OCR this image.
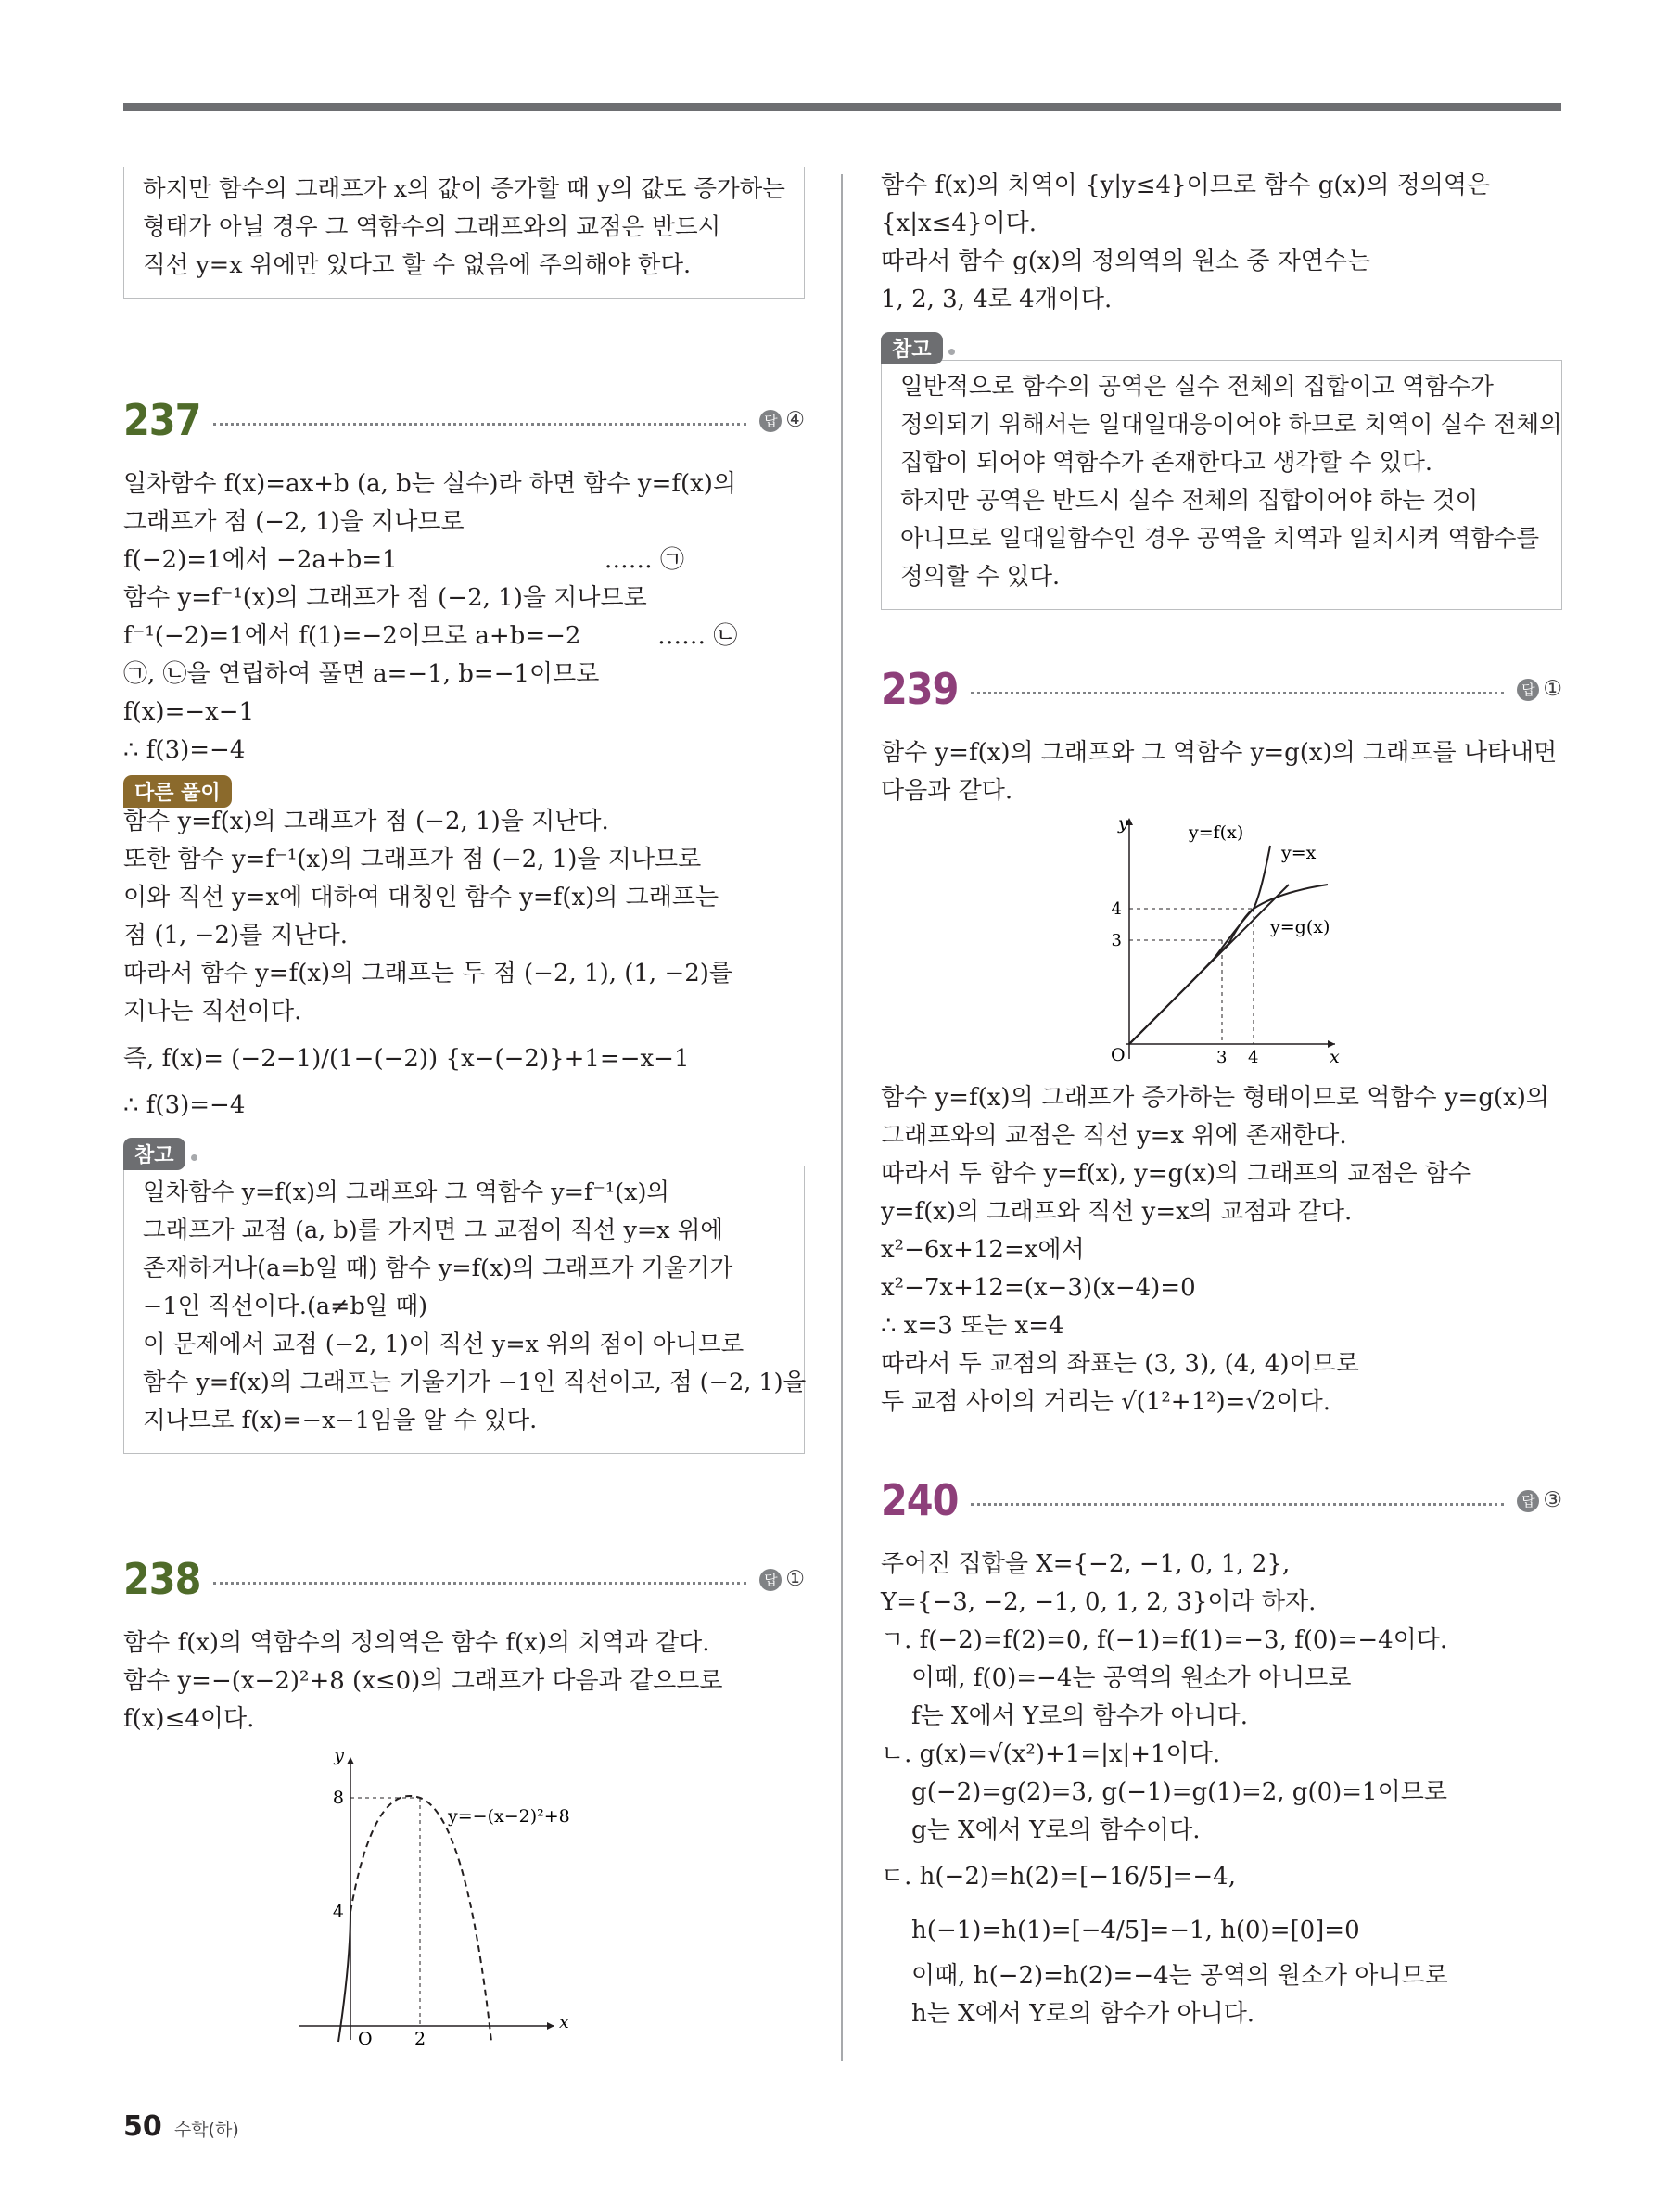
하지만 함수의 그래프가 x의 값이 증가할 때 y의 값도 증가하는
형태가 아닐 경우 그 역함수의 그래프와의 교점은 반드시
직선 y=x 위에만 있다고 할 수 없음에 주의해야 한다.
237	답 ④
일차함수 f(x)=ax+b (a, b는 실수)라 하면 함수 y=f(x)의
그래프가 점 (−2, 1)을 지나므로
f(−2)=1에서 −2a+b=1                           …… ㉠
함수 y=f⁻¹(x)의 그래프가 점 (−2, 1)을 지나므로
f⁻¹(−2)=1에서 f(1)=−2이므로 a+b=−2          …… ㉡
㉠, ㉡을 연립하여 풀면 a=−1, b=−1이므로
f(x)=−x−1
∴ f(3)=−4
다른 풀이
함수 y=f(x)의 그래프가 점 (−2, 1)을 지난다.
또한 함수 y=f⁻¹(x)의 그래프가 점 (−2, 1)을 지나므로
이와 직선 y=x에 대하여 대칭인 함수 y=f(x)의 그래프는
점 (1, −2)를 지난다.
따라서 함수 y=f(x)의 그래프는 두 점 (−2, 1), (1, −2)를
지나는 직선이다.
즉, f(x)= (−2−1)/(1−(−2)) {x−(−2)}+1=−x−1
∴ f(3)=−4
참고
일차함수 y=f(x)의 그래프와 그 역함수 y=f⁻¹(x)의
그래프가 교점 (a, b)를 가지면 그 교점이 직선 y=x 위에
존재하거나(a=b일 때) 함수 y=f(x)의 그래프가 기울기가
−1인 직선이다.(a≠b일 때)
이 문제에서 교점 (−2, 1)이 직선 y=x 위의 점이 아니므로
함수 y=f(x)의 그래프는 기울기가 −1인 직선이고, 점 (−2, 1)을
지나므로 f(x)=−x−1임을 알 수 있다.
238	답 ①
함수 f(x)의 역함수의 정의역은 함수 f(x)의 치역과 같다.
함수 y=−(x−2)²+8 (x≤0)의 그래프가 다음과 같으므로
f(x)≤4이다.
y
x
8
4
O 2
y=−(x−2)²+8
함수 f(x)의 치역이 {y|y≤4}이므로 함수 g(x)의 정의역은
{x|x≤4}이다.
따라서 함수 g(x)의 정의역의 원소 중 자연수는
1, 2, 3, 4로 4개이다.
참고
일반적으로 함수의 공역은 실수 전체의 집합이고 역함수가
정의되기 위해서는 일대일대응이어야 하므로 치역이 실수 전체의
집합이 되어야 역함수가 존재한다고 생각할 수 있다.
하지만 공역은 반드시 실수 전체의 집합이어야 하는 것이
아니므로 일대일함수인 경우 공역을 치역과 일치시켜 역함수를
정의할 수 있다.
239	답 ①
함수 y=f(x)의 그래프와 그 역함수 y=g(x)의 그래프를 나타내면
다음과 같다.
y
x
4
3
O	3 4
y=f(x)
y=x
y=g(x)
함수 y=f(x)의 그래프가 증가하는 형태이므로 역함수 y=g(x)의
그래프와의 교점은 직선 y=x 위에 존재한다.
따라서 두 함수 y=f(x), y=g(x)의 그래프의 교점은 함수
y=f(x)의 그래프와 직선 y=x의 교점과 같다.
x²−6x+12=x에서
x²−7x+12=(x−3)(x−4)=0
∴ x=3 또는 x=4
따라서 두 교점의 좌표는 (3, 3), (4, 4)이므로
두 교점 사이의 거리는 √(1²+1²)=√2이다.
240	답 ③
주어진 집합을 X={−2, −1, 0, 1, 2},
Y={−3, −2, −1, 0, 1, 2, 3}이라 하자.
ㄱ. f(−2)=f(2)=0, f(−1)=f(1)=−3, f(0)=−4이다.
이때, f(0)=−4는 공역의 원소가 아니므로
f는 X에서 Y로의 함수가 아니다.
ㄴ. g(x)=√(x²)+1=|x|+1이다.
g(−2)=g(2)=3, g(−1)=g(1)=2, g(0)=1이므로
g는 X에서 Y로의 함수이다.
ㄷ. h(−2)=h(2)=[−16/5]=−4,
h(−1)=h(1)=[−4/5]=−1, h(0)=[0]=0
이때, h(−2)=h(2)=−4는 공역의 원소가 아니므로
h는 X에서 Y로의 함수가 아니다.
50 수학(하)
